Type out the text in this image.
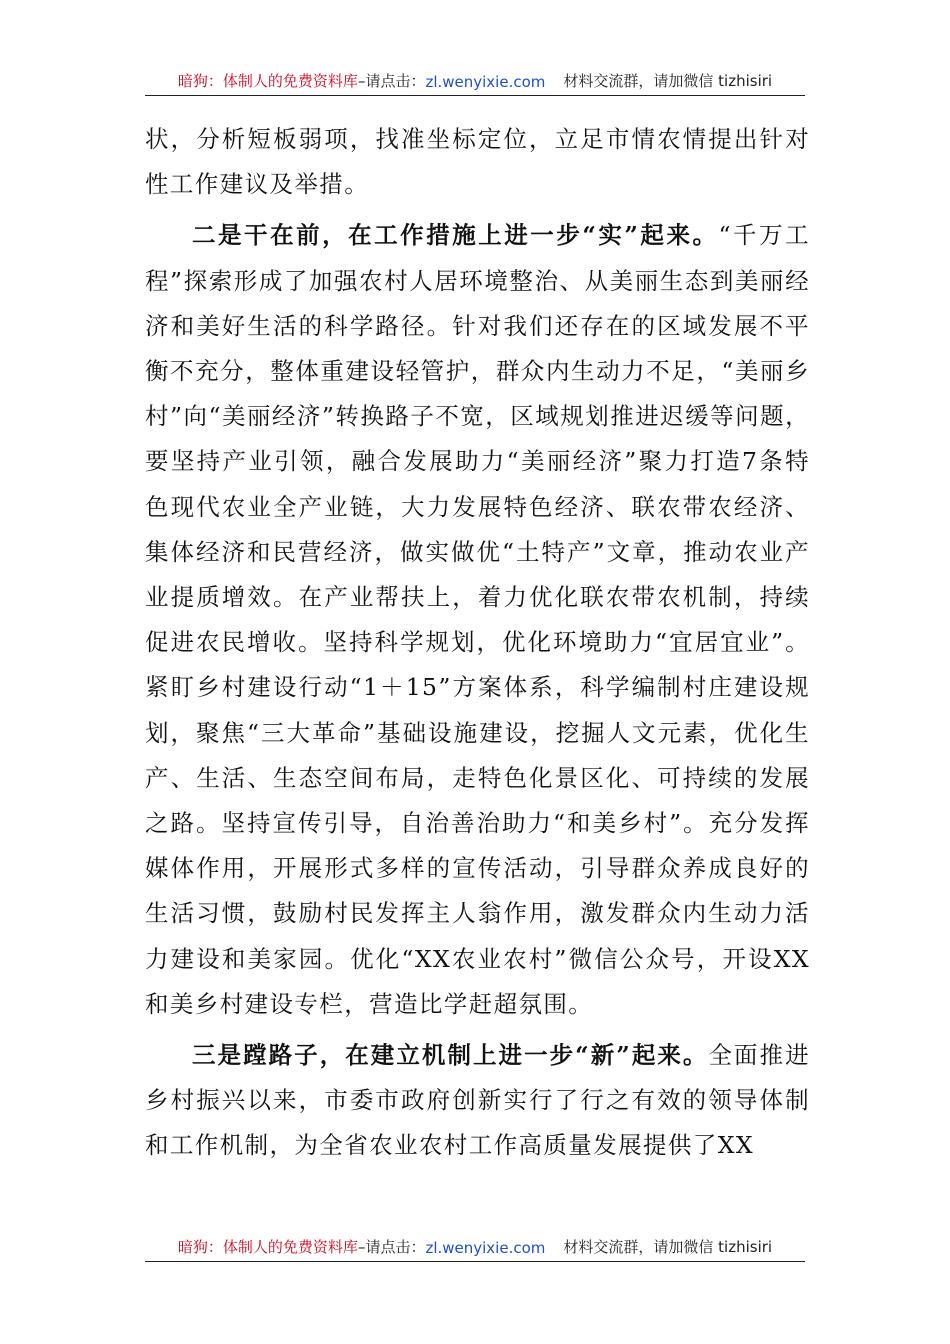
暗狗：体制人的免费资料库 –请点击： zl.wenyixie.com 材料交流群，请加微信 tizhisiri

状，分析短板弱项，找准坐标定位，立足市情农情提出针对性工作建议及举措。

二是干在前，在工作措施上进一步“实”起来。“千万工程”探索形成了加强农村人居环境整治、从美丽生态到美丽经济和美好生活的科学路径。针对我们还存在的区域发展不平衡不充分，整体重建设轻管护，群众内生动力不足，“美丽乡村”向“美丽经济”转换路子不宽，区域规划推进迟缓等问题，要坚持产业引领，融合发展助力“美丽经济”聚力打造7条特色现代农业全产业链，大力发展特色经济、联农带农经济、集体经济和民营经济，做实做优“土特产”文章，推动农业产业提质增效。在产业帮扶上，着力优化联农带农机制，持续促进农民增收。坚持科学规划，优化环境助力“宜居宜业”。紧盯乡村建设行动“1＋15”方案体系，科学编制村庄建设规划，聚焦“三大革命”基础设施建设，挖掘人文元素，优化生产、生活、生态空间布局，走特色化景区化、可持续的发展之路。坚持宣传引导，自治善治助力“和美乡村”。充分发挥媒体作用，开展形式多样的宣传活动，引导群众养成良好的生活习惯，鼓励村民发挥主人翁作用，激发群众内生动力活力建设和美家园。优化“XX农业农村”微信公众号，开设XX和美乡村建设专栏，营造比学赶超氛围。

三是蹚路子，在建立机制上进一步“新”起来。全面推进乡村振兴以来，市委市政府创新实行了行之有效的领导体制和工作机制，为全省农业农村工作高质量发展提供了XX

暗狗：体制人的免费资料库 –请点击： zl.wenyixie.com 材料交流群，请加微信 tizhisiri
